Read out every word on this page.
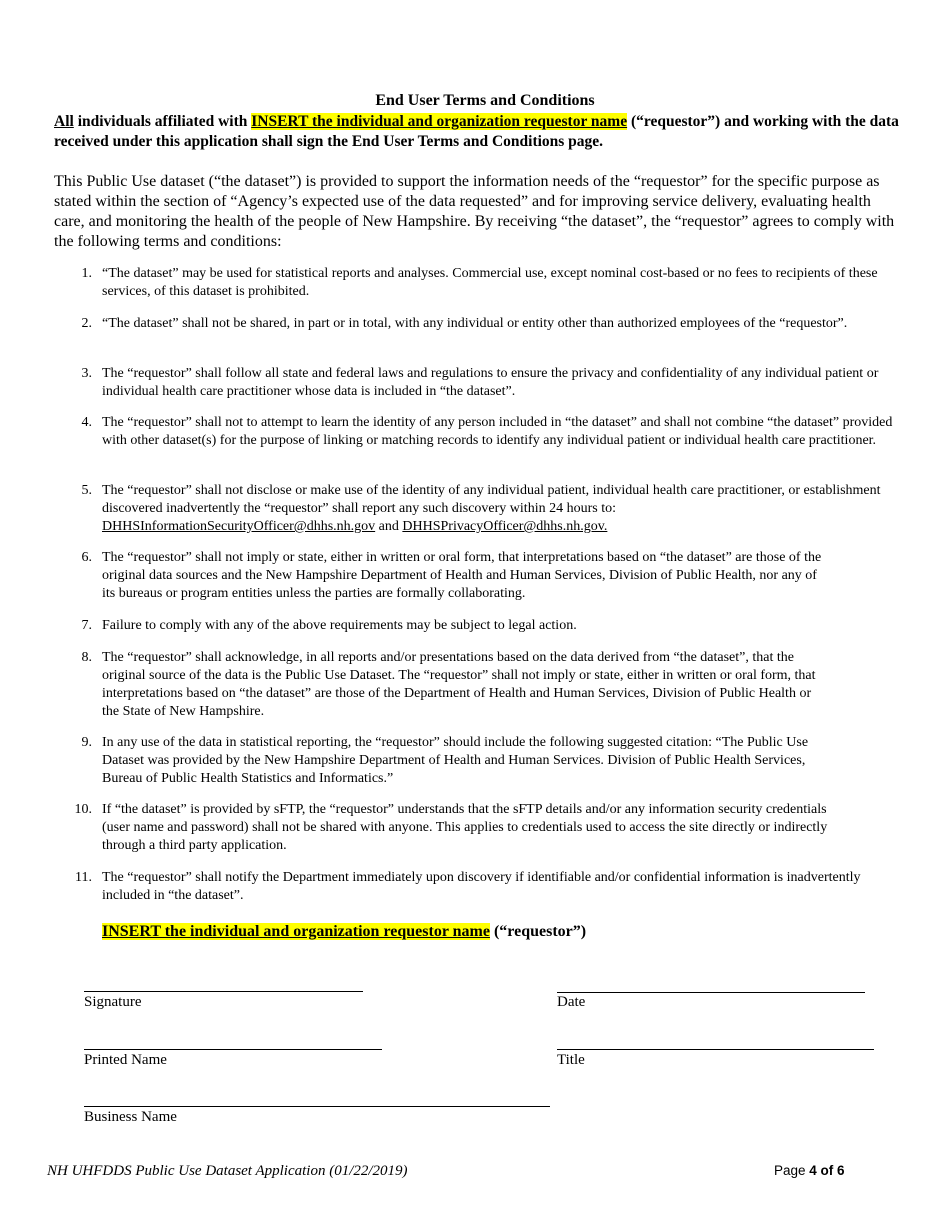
End User Terms and Conditions
All individuals affiliated with INSERT the individual and organization requestor name (“requestor”) and working with the data received under this application shall sign the End User Terms and Conditions page.
This Public Use dataset (“the dataset”) is provided to support the information needs of the “requestor” for the specific purpose as stated within the section of “Agency’s expected use of the data requested” and for improving service delivery, evaluating health care, and monitoring the health of the people of New Hampshire. By receiving “the dataset”, the “requestor” agrees to comply with the following terms and conditions:
1. “The dataset” may be used for statistical reports and analyses. Commercial use, except nominal cost-based or no fees to recipients of these services, of this dataset is prohibited.
2. “The dataset” shall not be shared, in part or in total, with any individual or entity other than authorized employees of the “requestor”.
3. The “requestor” shall follow all state and federal laws and regulations to ensure the privacy and confidentiality of any individual patient or individual health care practitioner whose data is included in “the dataset”.
4. The “requestor” shall not to attempt to learn the identity of any person included in “the dataset” and shall not combine “the dataset” provided with other dataset(s) for the purpose of linking or matching records to identify any individual patient or individual health care practitioner.
5. The “requestor” shall not disclose or make use of the identity of any individual patient, individual health care practitioner, or establishment discovered inadvertently the “requestor” shall report any such discovery within 24 hours to:
DHHSInformationSecurityOfficer@dhhs.nh.gov and DHHSPrivacyOfficer@dhhs.nh.gov.
6. The “requestor” shall not imply or state, either in written or oral form, that interpretations based on “the dataset” are those of the original data sources and the New Hampshire Department of Health and Human Services, Division of Public Health, nor any of its bureaus or program entities unless the parties are formally collaborating.
7. Failure to comply with any of the above requirements may be subject to legal action.
8. The “requestor” shall acknowledge, in all reports and/or presentations based on the data derived from “the dataset”, that the original source of the data is the Public Use Dataset. The “requestor” shall not imply or state, either in written or oral form, that interpretations based on “the dataset” are those of the Department of Health and Human Services, Division of Public Health or the State of New Hampshire.
9. In any use of the data in statistical reporting, the “requestor” should include the following suggested citation: “The Public Use Dataset was provided by the New Hampshire Department of Health and Human Services. Division of Public Health Services, Bureau of Public Health Statistics and Informatics.”
10. If “the dataset” is provided by sFTP, the “requestor” understands that the sFTP details and/or any information security credentials (user name and password) shall not be shared with anyone. This applies to credentials used to access the site directly or indirectly through a third party application.
11. The “requestor” shall notify the Department immediately upon discovery if identifiable and/or confidential information is inadvertently included in “the dataset”.
INSERT the individual and organization requestor name (“requestor”)
Signature	Date
Printed Name	Title
Business Name
NH UHFDDS Public Use Dataset Application (01/22/2019)	Page 4 of 6
